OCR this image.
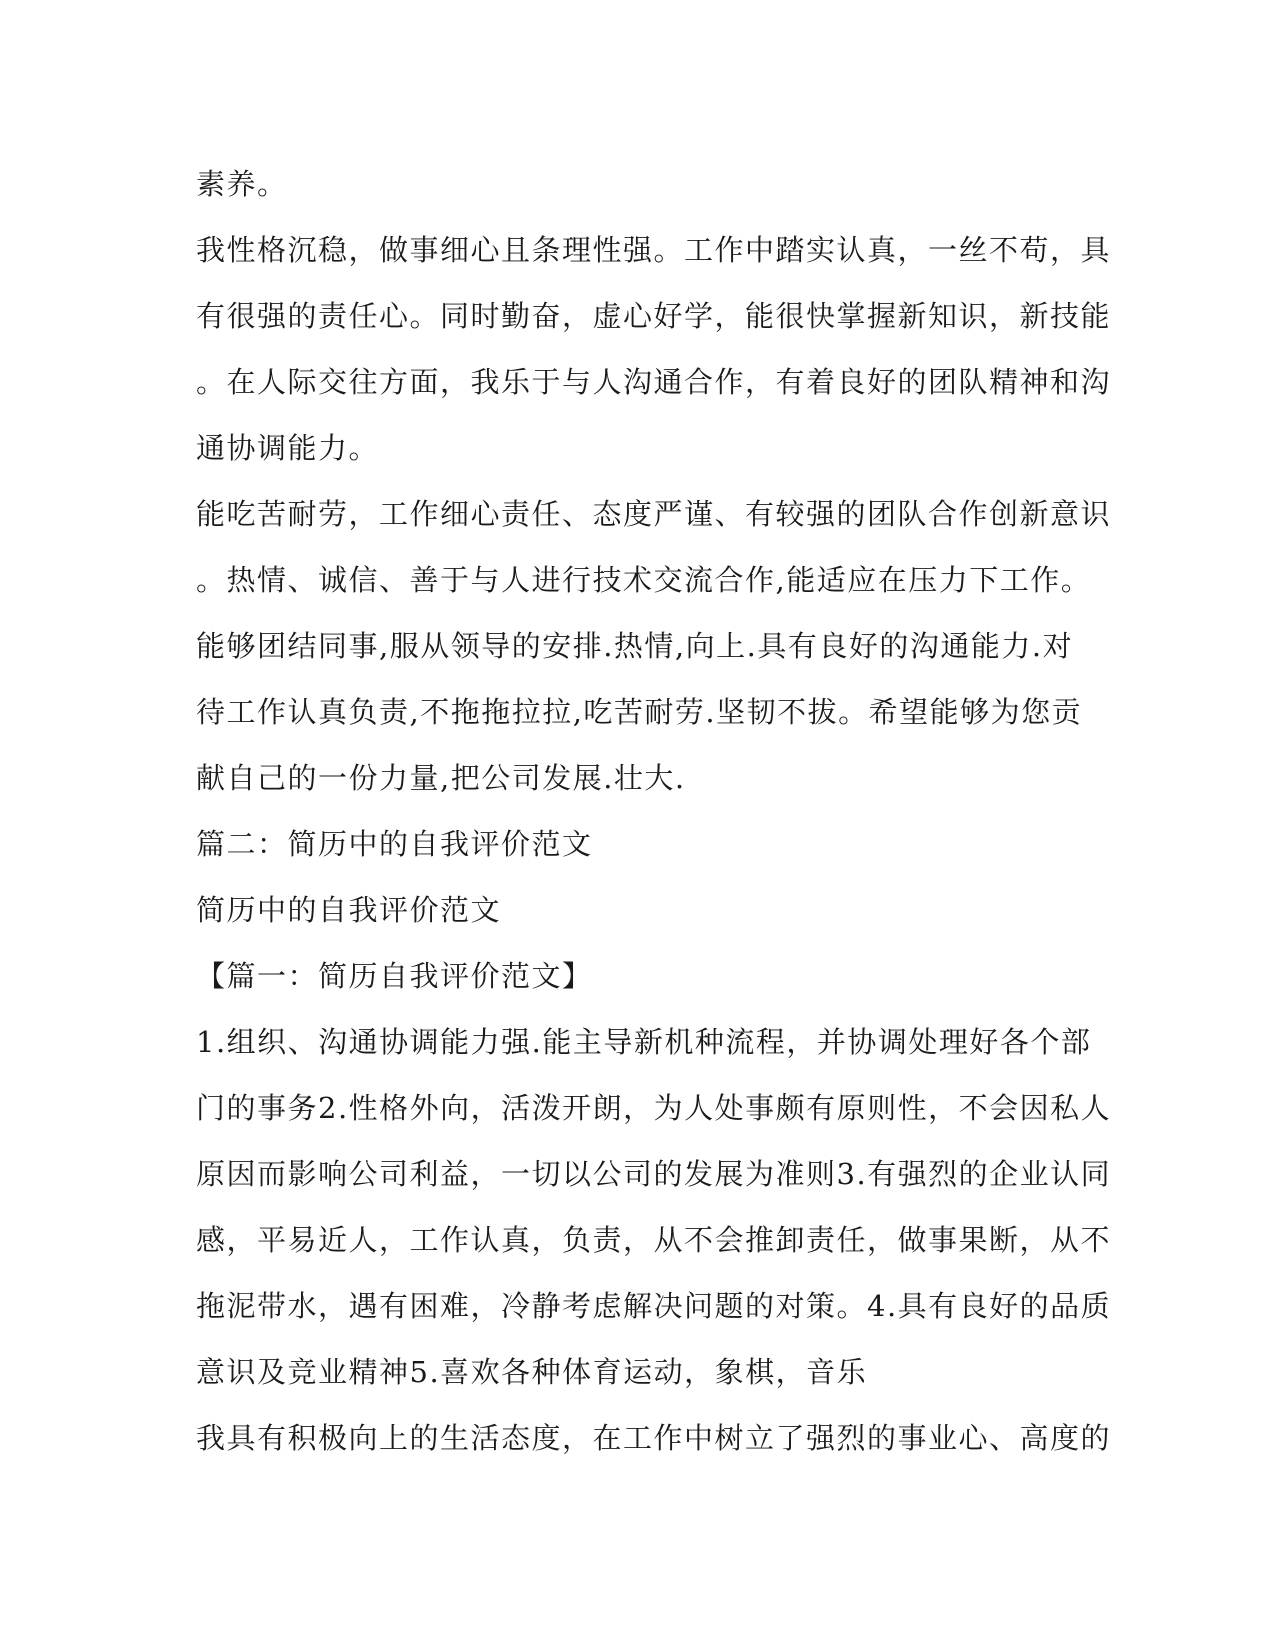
素养。
我性格沉稳，做事细心且条理性强。工作中踏实认真，一丝不苟，具
有很强的责任心。同时勤奋，虚心好学，能很快掌握新知识，新技能
。在人际交往方面，我乐于与人沟通合作，有着良好的团队精神和沟
通协调能力。
能吃苦耐劳，工作细心责任、态度严谨、有较强的团队合作创新意识
。热情、诚信、善于与人进行技术交流合作,能适应在压力下工作。
能够团结同事,服从领导的安排.热情,向上.具有良好的沟通能力.对
待工作认真负责,不拖拖拉拉,吃苦耐劳.坚韧不拔。希望能够为您贡
献自己的一份力量,把公司发展.壮大.
篇二：简历中的自我评价范文
简历中的自我评价范文
【篇一：简历自我评价范文】
1.组织、沟通协调能力强.能主导新机种流程，并协调处理好各个部
门的事务2.性格外向，活泼开朗，为人处事颇有原则性，不会因私人
原因而影响公司利益，一切以公司的发展为准则3.有强烈的企业认同
感，平易近人，工作认真，负责，从不会推卸责任，做事果断，从不
拖泥带水，遇有困难，冷静考虑解决问题的对策。4.具有良好的品质
意识及竞业精神5.喜欢各种体育运动，象棋，音乐
我具有积极向上的生活态度，在工作中树立了强烈的事业心、高度的
